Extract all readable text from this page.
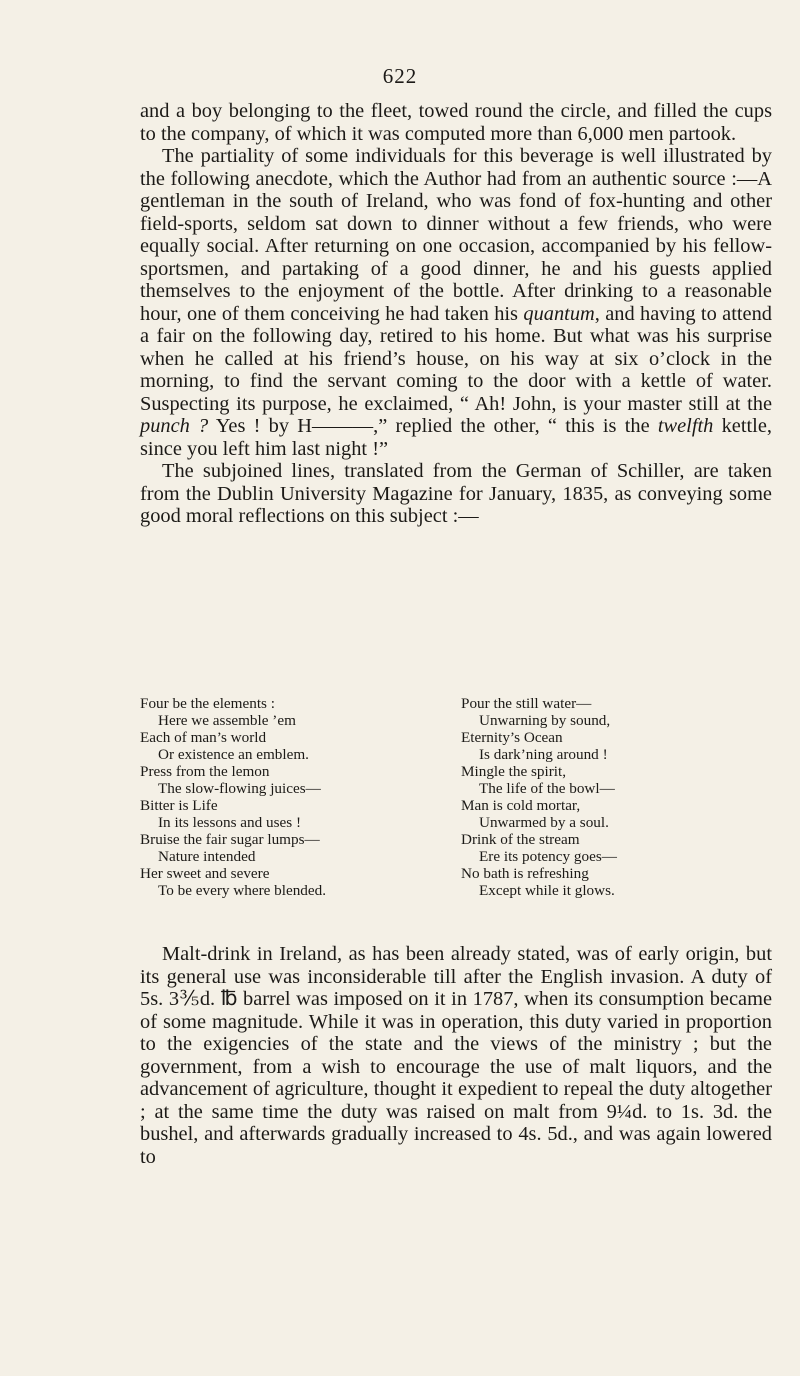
622

and a boy belonging to the fleet, towed round the circle, and filled the cups to the company, of which it was computed more than 6,000 men partook.

The partiality of some individuals for this beverage is well illustrated by the following anecdote, which the Author had from an authentic source :—A gentleman in the south of Ireland, who was fond of fox-hunting and other field-sports, seldom sat down to dinner without a few friends, who were equally social. After returning on one occasion, accompanied by his fellow-sportsmen, and partaking of a good dinner, he and his guests applied themselves to the enjoyment of the bottle. After drinking to a reasonable hour, one of them conceiving he had taken his quantum, and having to attend a fair on the following day, retired to his home. But what was his surprise when he called at his friend’s house, on his way at six o’clock in the morning, to find the servant coming to the door with a kettle of water. Suspecting its purpose, he exclaimed, “ Ah! John, is your master still at the punch ? Yes ! by H———,” replied the other, “ this is the twelfth kettle, since you left him last night !”

The subjoined lines, translated from the German of Schiller, are taken from the Dublin University Magazine for January, 1835, as conveying some good moral reflections on this subject :—

Four be the elements :
Here we assemble ’em
Each of man’s world
Or existence an emblem.
Press from the lemon
The slow-flowing juices—
Bitter is Life
In its lessons and uses !
Bruise the fair sugar lumps—
Nature intended
Her sweet and severe
To be every where blended.
Pour the still water—
Unwarning by sound,
Eternity’s Ocean
Is dark’ning around !
Mingle the spirit,
The life of the bowl—
Man is cold mortar,
Unwarmed by a soul.
Drink of the stream
Ere its potency goes—
No bath is refreshing
Except while it glows.

Malt-drink in Ireland, as has been already stated, was of early origin, but its general use was inconsiderable till after the English invasion. A duty of 5s. 3⅗d. ℔ barrel was imposed on it in 1787, when its consumption became of some magnitude. While it was in operation, this duty varied in proportion to the exigencies of the state and the views of the ministry ; but the government, from a wish to encourage the use of malt liquors, and the advancement of agriculture, thought it expedient to repeal the duty altogether ; at the same time the duty was raised on malt from 9¼d. to 1s. 3d. the bushel, and afterwards gradually increased to 4s. 5d., and was again lowered to
